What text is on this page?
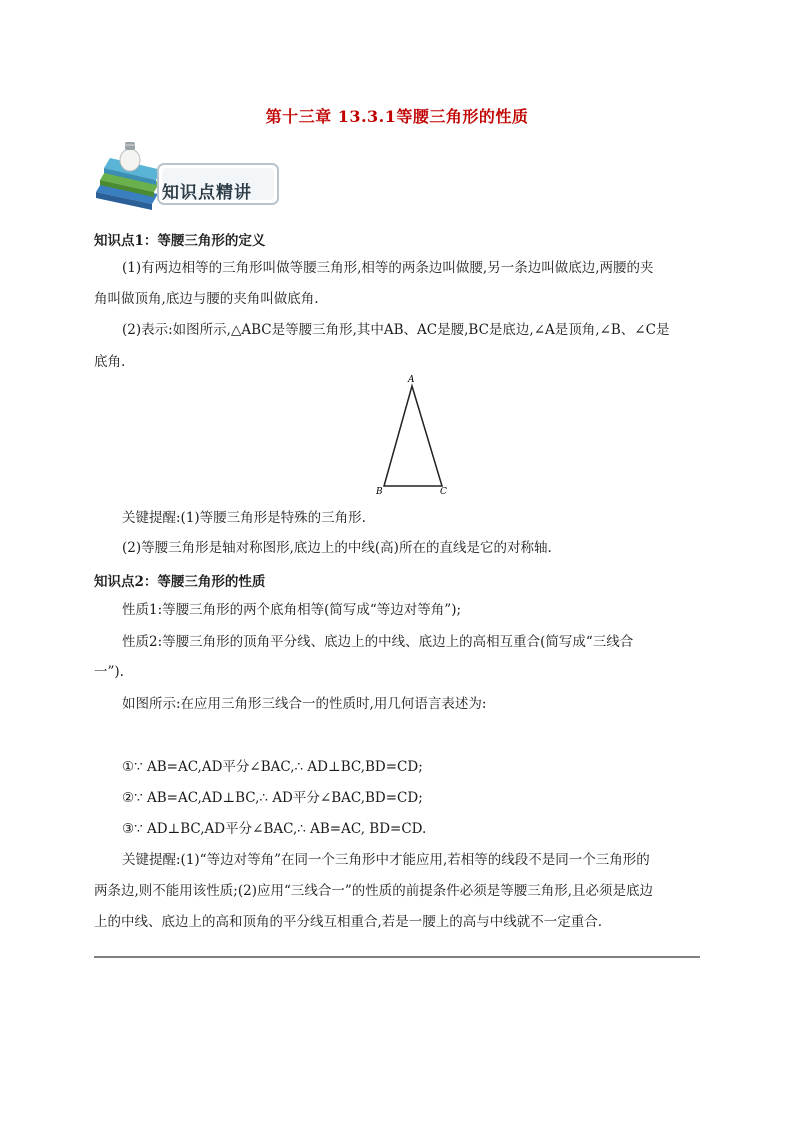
第十三章 13.3.1等腰三角形的性质
知识点精讲
知识点1：等腰三角形的定义
(1)有两边相等的三角形叫做等腰三角形,相等的两条边叫做腰,另一条边叫做底边,两腰的夹
角叫做顶角,底边与腰的夹角叫做底角.
(2)表示:如图所示,△ABC是等腰三角形,其中AB、AC是腰,BC是底边,∠A是顶角,∠B、∠C是
底角.
A
B	C
关键提醒:(1)等腰三角形是特殊的三角形.
(2)等腰三角形是轴对称图形,底边上的中线(高)所在的直线是它的对称轴.
知识点2：等腰三角形的性质
性质1:等腰三角形的两个底角相等(简写成“等边对等角”);
性质2:等腰三角形的顶角平分线、底边上的中线、底边上的高相互重合(简写成“三线合
一”).
如图所示:在应用三角形三线合一的性质时,用几何语言表述为:
①∵ AB=AC,AD平分∠BAC,∴ AD⊥BC,BD=CD;
②∵ AB=AC,AD⊥BC,∴ AD平分∠BAC,BD=CD;
③∵ AD⊥BC,AD平分∠BAC,∴ AB=AC, BD=CD.
关键提醒:(1)“等边对等角”在同一个三角形中才能应用,若相等的线段不是同一个三角形的
两条边,则不能用该性质;(2)应用“三线合一”的性质的前提条件必须是等腰三角形,且必须是底边
上的中线、底边上的高和顶角的平分线互相重合,若是一腰上的高与中线就不一定重合.
